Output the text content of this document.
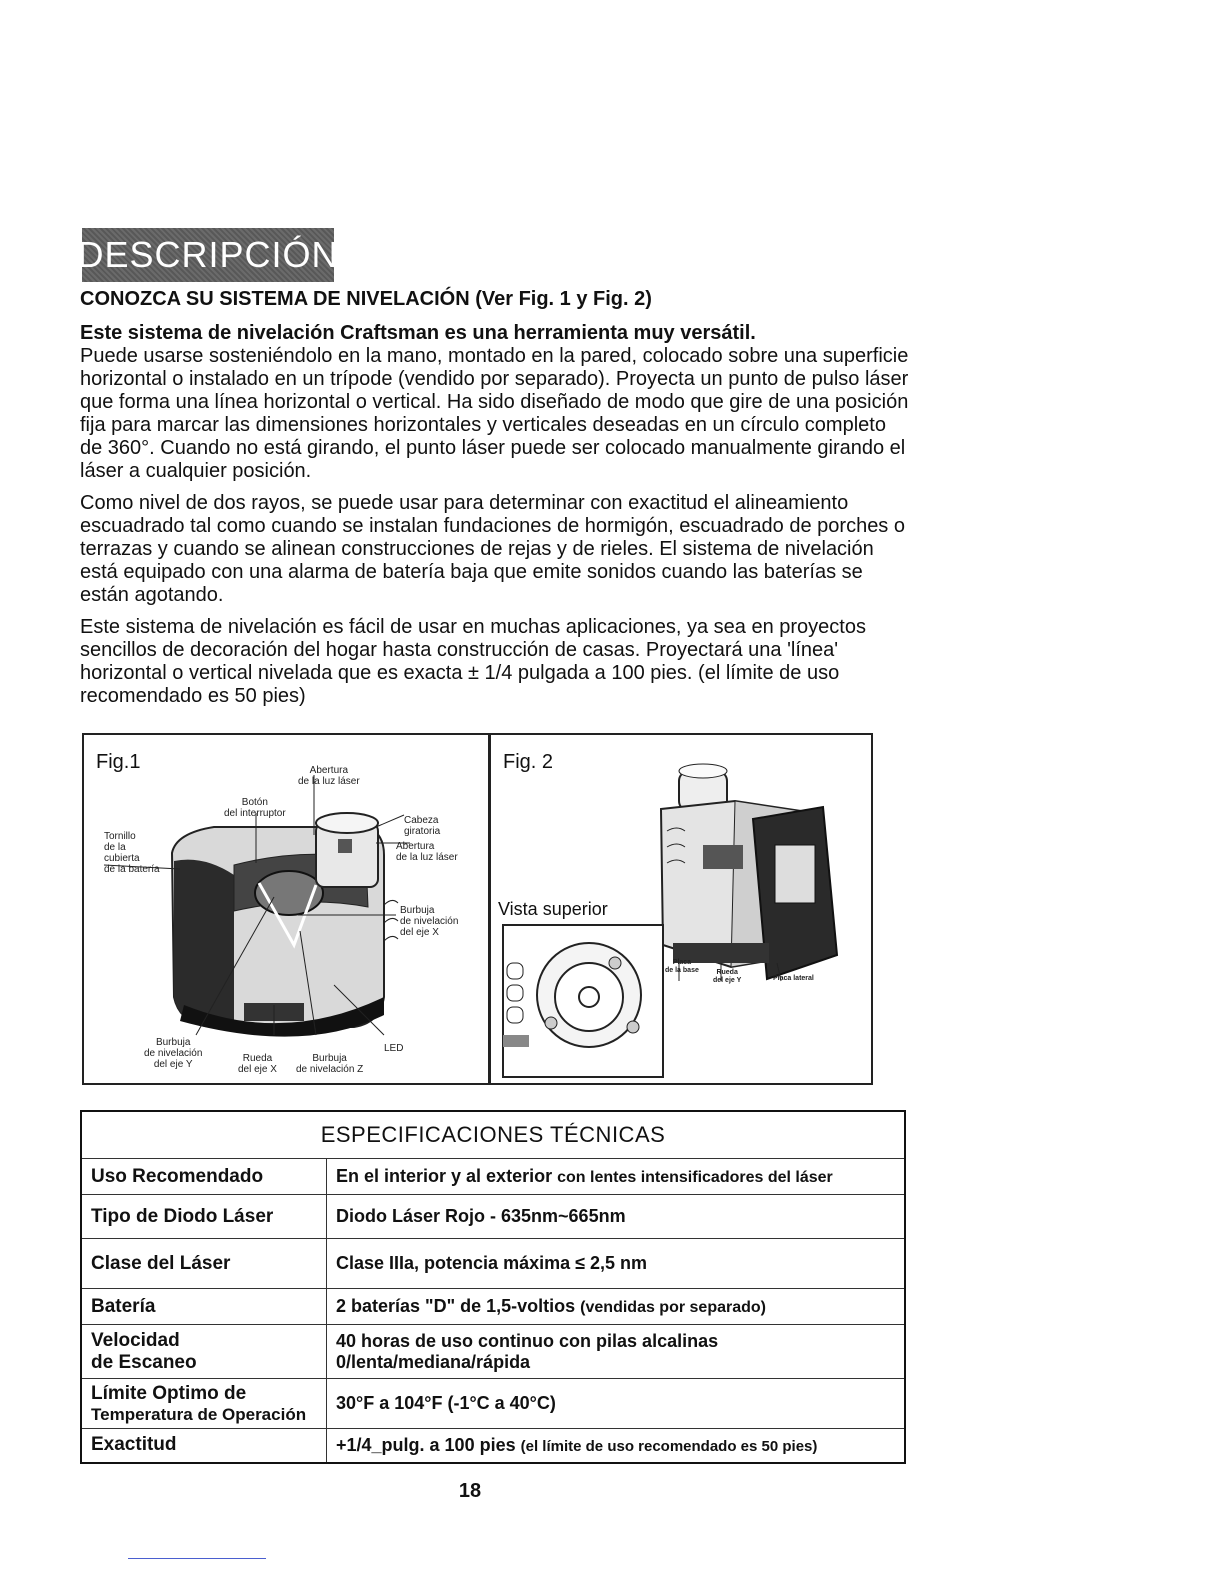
DESCRIPCIÓN
CONOZCA SU SISTEMA DE NIVELACIÓN (Ver Fig. 1 y Fig. 2)

Este sistema de nivelación Craftsman es una herramienta muy versátil.
Puede usarse sosteniéndolo en la mano, montado en la pared, colocado sobre una superficie horizontal o instalado en un trípode (vendido por separado). Proyecta un punto de pulso láser que forma una línea horizontal o vertical. Ha sido diseñado de modo que gire de una posición fija para marcar las dimensiones horizontales y verticales deseadas en un círculo completo de 360°. Cuando no está girando, el punto láser puede ser colocado manualmente girando el láser a cualquier posición.

Como nivel de dos rayos, se puede usar para determinar con exactitud el alineamiento escuadrado tal como cuando se instalan fundaciones de hormigón, escuadrado de porches o terrazas y cuando se alinean construcciones de rejas y de rieles. El sistema de nivelación está equipado con una alarma de batería baja que emite sonidos cuando las baterías se están agotando.

Este sistema de nivelación es fácil de usar en muchas aplicaciones, ya sea en proyectos sencillos de decoración del hogar hasta construcción de casas. Proyectará una 'línea' horizontal o vertical nivelada que es exacta ± 1/4 pulgada a 100 pies. (el límite de uso recomendado es 50 pies)

Fig.1	Abertura
de la luz láser
Botón
del interruptor
Cabeza
giratoria
Abertura
de la luz láser
Tornillo
de la
cubierta
de la batería
Burbuja
de nivelación
del eje X
Burbuja
de nivelación
del eje Y
Rueda
del eje X
Burbuja
de nivelación Z
LED
Fig. 2
Vista superior
Placa
de la base	Rueda
del eje Y	Placa lateral
ESPECIFICACIONES TÉCNICAS	
Uso Recomendado	En el interior y al exterior con lentes intensificadores del láser
Tipo de Diodo Láser	Diodo Láser Rojo - 635nm~665nm
Clase del Láser	Clase IIIa, potencia máxima ≤ 2,5 nm
Batería	2 baterías "D" de 1,5-voltios (vendidas por separado)
Velocidad
de Escaneo	40 horas de uso continuo con pilas alcalinas
0/lenta/mediana/rápida

Límite Optimo de
Temperatura de Operación	30°F a 104°F (-1°C a 40°C)
Exactitud	+1/4_pulg. a 100 pies (el límite de uso recomendado es 50 pies)
18
